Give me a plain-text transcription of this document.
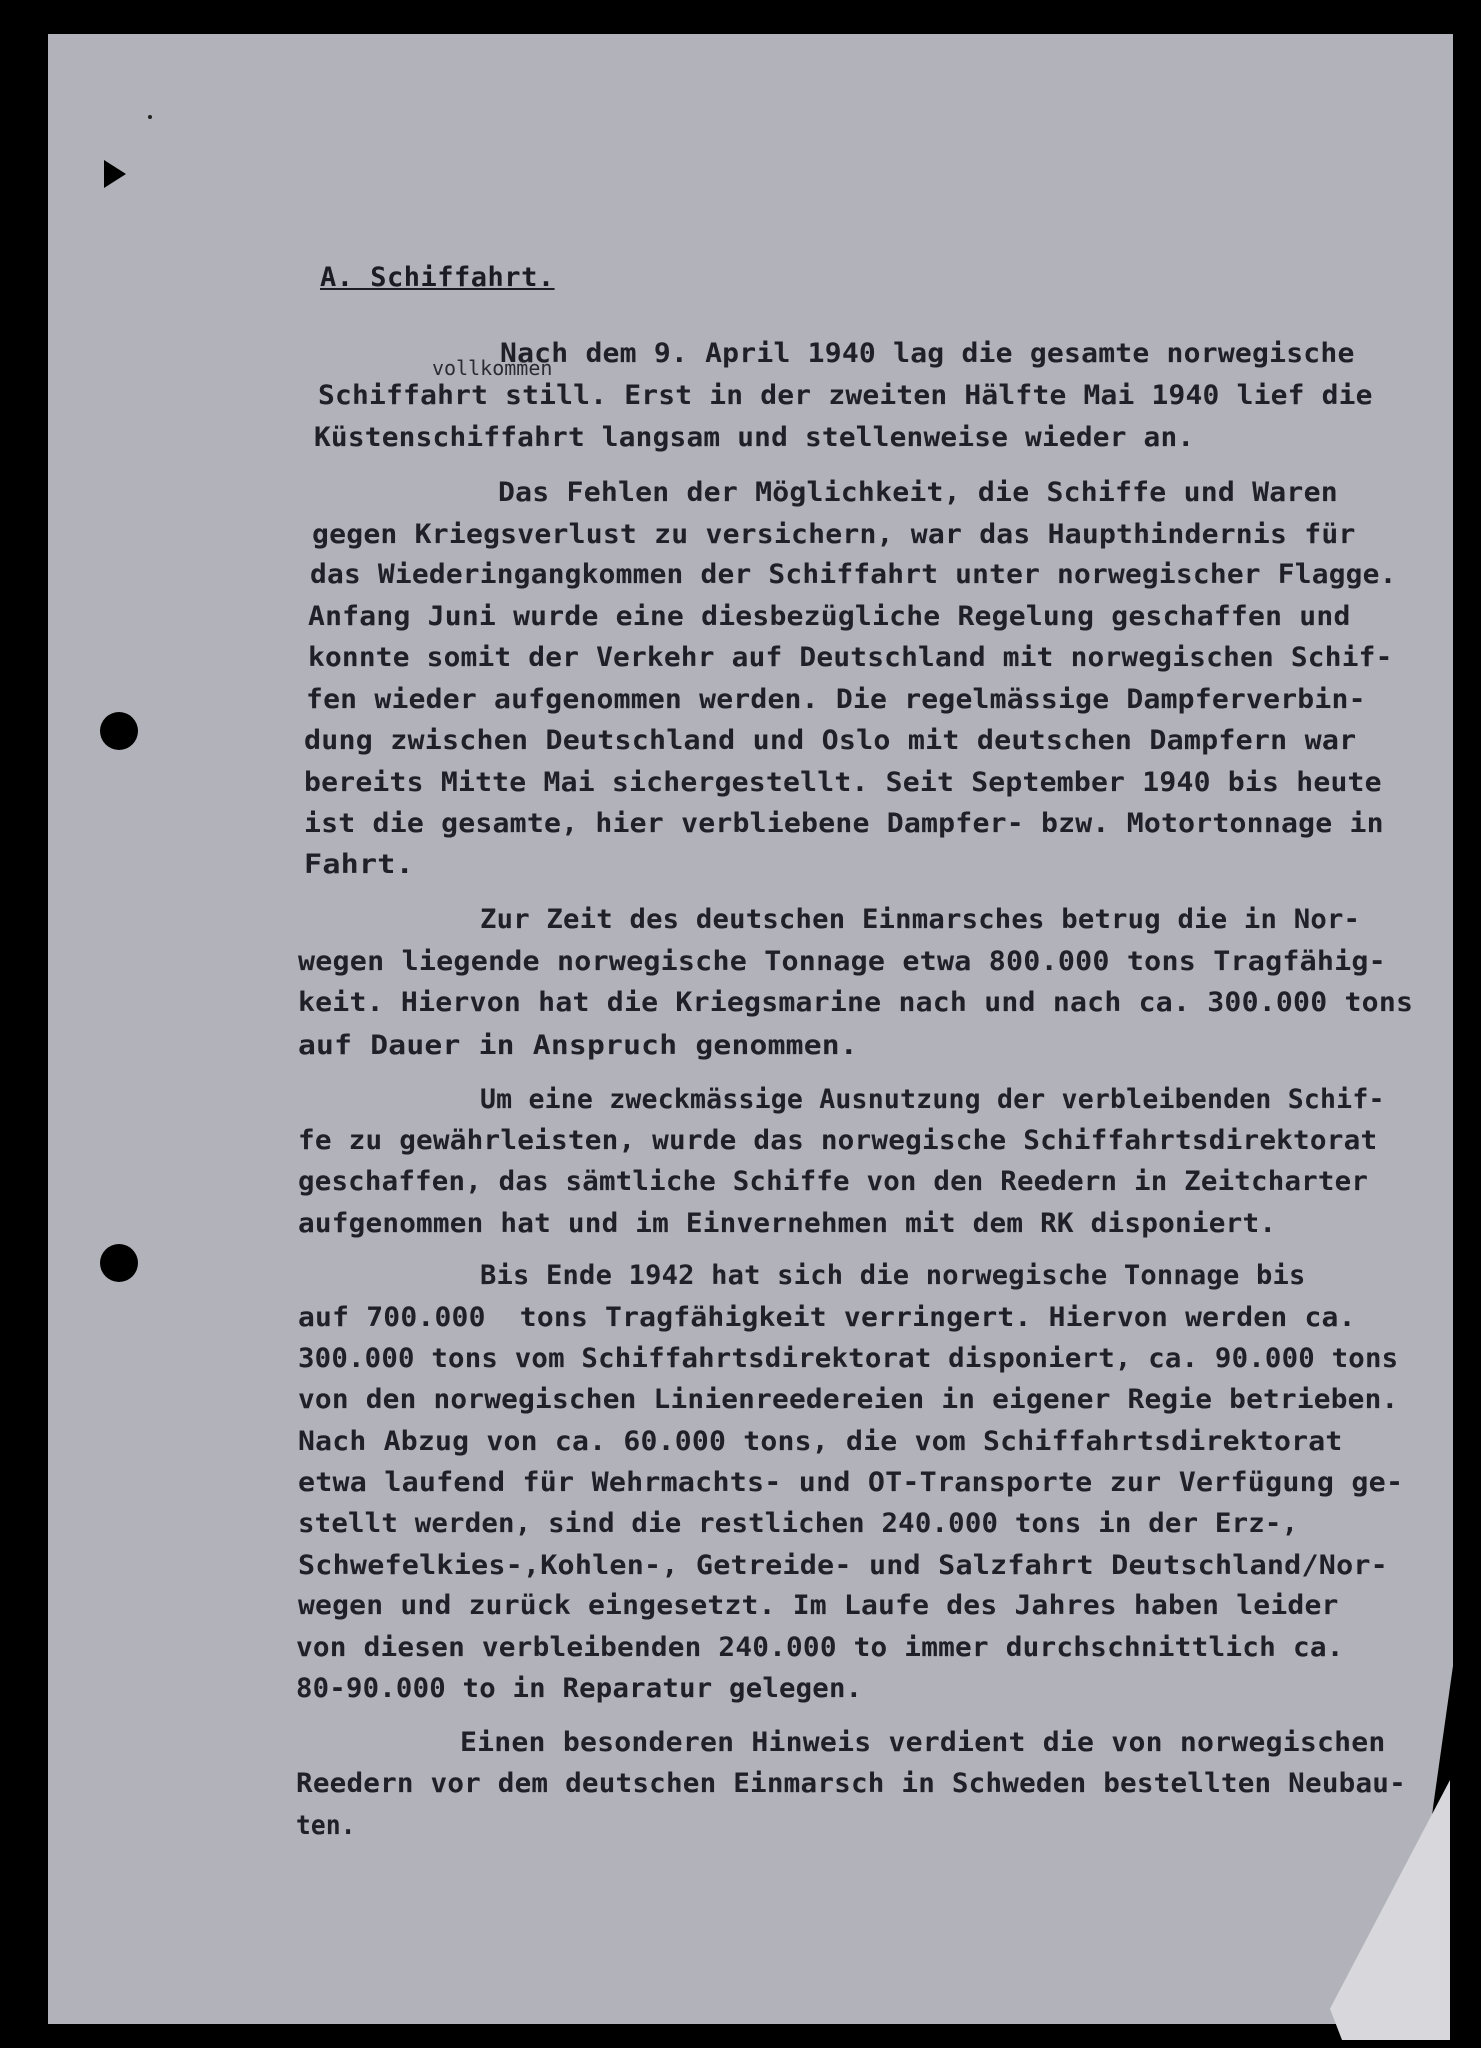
A. Schiffahrt.
vollkommen
Nach dem 9. April 1940 lag die gesamte norwegische
Schiffahrt still. Erst in der zweiten Hälfte Mai 1940 lief die
Küstenschiffahrt langsam und stellenweise wieder an.
Das Fehlen der Möglichkeit, die Schiffe und Waren
gegen Kriegsverlust zu versichern, war das Haupthindernis für
das Wiederingangkommen der Schiffahrt unter norwegischer Flagge.
Anfang Juni wurde eine diesbezügliche Regelung geschaffen und
konnte somit der Verkehr auf Deutschland mit norwegischen Schif-
fen wieder aufgenommen werden. Die regelmässige Dampferverbin-
dung zwischen Deutschland und Oslo mit deutschen Dampfern war
bereits Mitte Mai sichergestellt. Seit September 1940 bis heute
ist die gesamte, hier verbliebene Dampfer- bzw. Motortonnage in
Fahrt.
Zur Zeit des deutschen Einmarsches betrug die in Nor-
wegen liegende norwegische Tonnage etwa 800.000 tons Tragfähig-
keit. Hiervon hat die Kriegsmarine nach und nach ca. 300.000 tons
auf Dauer in Anspruch genommen.
Um eine zweckmässige Ausnutzung der verbleibenden Schif-
fe zu gewährleisten, wurde das norwegische Schiffahrtsdirektorat
geschaffen, das sämtliche Schiffe von den Reedern in Zeitcharter
aufgenommen hat und im Einvernehmen mit dem RK disponiert.
Bis Ende 1942 hat sich die norwegische Tonnage bis
auf 700.000  tons Tragfähigkeit verringert. Hiervon werden ca.
300.000 tons vom Schiffahrtsdirektorat disponiert, ca. 90.000 tons
von den norwegischen Linienreedereien in eigener Regie betrieben.
Nach Abzug von ca. 60.000 tons, die vom Schiffahrtsdirektorat
etwa laufend für Wehrmachts- und OT-Transporte zur Verfügung ge-
stellt werden, sind die restlichen 240.000 tons in der Erz-,
Schwefelkies-,Kohlen-, Getreide- und Salzfahrt Deutschland/Nor-
wegen und zurück eingesetzt. Im Laufe des Jahres haben leider
von diesen verbleibenden 240.000 to immer durchschnittlich ca.
80-90.000 to in Reparatur gelegen.
Einen besonderen Hinweis verdient die von norwegischen
Reedern vor dem deutschen Einmarsch in Schweden bestellten Neubau-
ten.
